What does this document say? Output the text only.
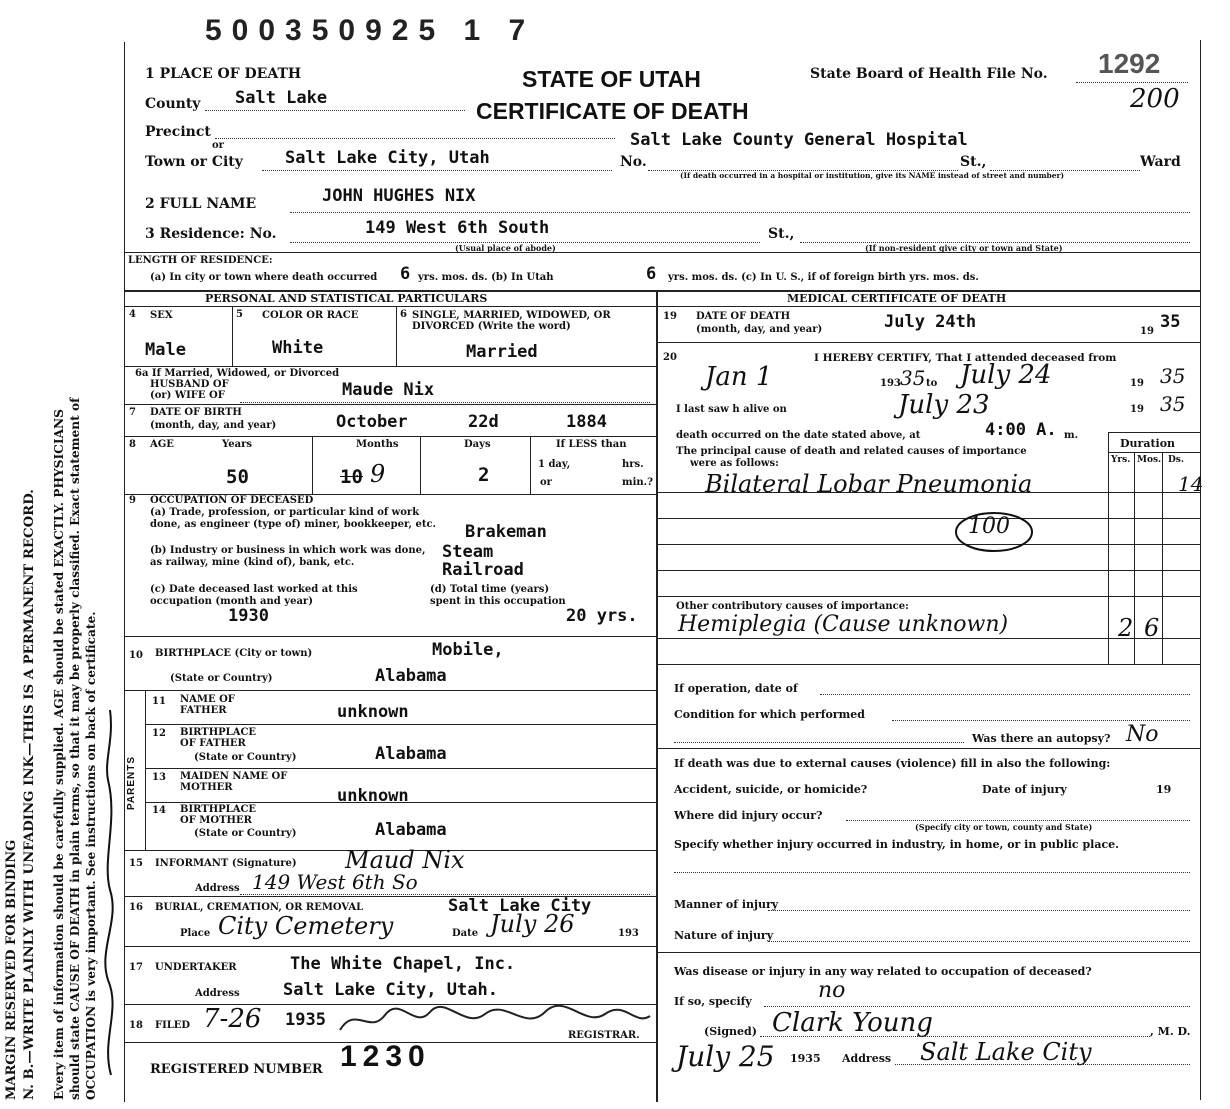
MARGIN RESERVED FOR BINDING N. B.—WRITE PLAINLY WITH UNFADING INK—THIS IS A PERMANENT RECORD. Every item of information should be carefully supplied. AGE should be stated EXACTLY. PHYSICIANS should state CAUSE OF DEATH in plain terms, so that it may be properly classified. Exact statement of OCCUPATION is very important. See instructions on back of certificate.
500350925 1 7
1 PLACE OF DEATH	STATE OF UTAH
CERTIFICATE OF DEATH
State Board of Health File No. 1292
200
County Salt Lake
Precinct
or
Town or City Salt Lake City, Utah	No.
Salt Lake County General Hospital
St.,	Ward
(If death occurred in a hospital or institution, give its NAME instead of street and number)
2 FULL NAME	JOHN HUGHES NIX
3 Residence: No.	149 West 6th South	St.,
(Usual place of abode)	(If non-resident give city or town and State)
LENGTH OF RESIDENCE:
(a) In city or town where death occurred 6 yrs. mos. ds. (b) In Utah	6 yrs. mos. ds. (c) In U. S., if of foreign birth yrs. mos. ds.
PERSONAL AND STATISTICAL PARTICULARS	MEDICAL CERTIFICATE OF DEATH
4 SEX	5 COLOR OR RACE	6 SINGLE, MARRIED, WIDOWED, OR DIVORCED (Write the word)
Male	White	Married
6a If Married, Widowed, or Divorced
HUSBAND OF
(or) WIFE OF	Maude Nix
7 DATE OF BIRTH
(month, day, and year)	October	22d	1884
8 AGE	Years	Months	Days	If LESS than
1 day,	hrs.
or	min.?
50	10 9	2
9 OCCUPATION OF DECEASED
(a) Trade, profession, or particular kind of work done, as engineer (type of) miner, bookkeeper, etc.	Brakeman
(b) Industry or business in which work was done, as railway, mine (kind of), bank, etc.	Steam
Railroad
(c) Date deceased last worked at this occupation (month and year)
1930
(d) Total time (years) spent in this occupation
20 yrs.
10 BIRTHPLACE (City or town)	Mobile,
(State or Country)	Alabama
PARENTS
11 NAME OF FATHER	unknown
12 BIRTHPLACE OF FATHER
(State or Country)	Alabama
13 MAIDEN NAME OF MOTHER	unknown
14 BIRTHPLACE OF MOTHER
(State or Country)	Alabama
15 INFORMANT (Signature) Maud Nix
Address 149 West 6th So
16 BURIAL, CREMATION, OR REMOVAL	Salt Lake City
Place City Cemetery	Date July 26	193
17 UNDERTAKER	The White Chapel, Inc.
Address	Salt Lake City, Utah.
18 FILED 7-26 1935
REGISTRAR.
REGISTERED NUMBER 1230
19 DATE OF DEATH
(month, day, and year)	July 24th	19 35
20	I HEREBY CERTIFY, That I attended deceased from
Jan 1	193 35 to July 24	19 35
I last saw h alive on	July 23	19 35
death occurred on the date stated above, at	4:00 A. m.
The principal cause of death and related causes of importance
were as follows:
Duration
Yrs. Mos. Ds.
Bilateral Lobar Pneumonia	14
100
Other contributory causes of importance:
Hemiplegia (Cause unknown)	2 6
If operation, date of
Condition for which performed
Was there an autopsy? No
If death was due to external causes (violence) fill in also the following:
Accident, suicide, or homicide?	Date of injury	19
Where did injury occur?
(Specify city or town, county and State)
Specify whether injury occurred in industry, in home, or in public place.
Manner of injury
Nature of injury
Was disease or injury in any way related to occupation of deceased?
If so, specify	no
(Signed) Clark Young	, M. D.
July 25 1935 Address Salt Lake City
